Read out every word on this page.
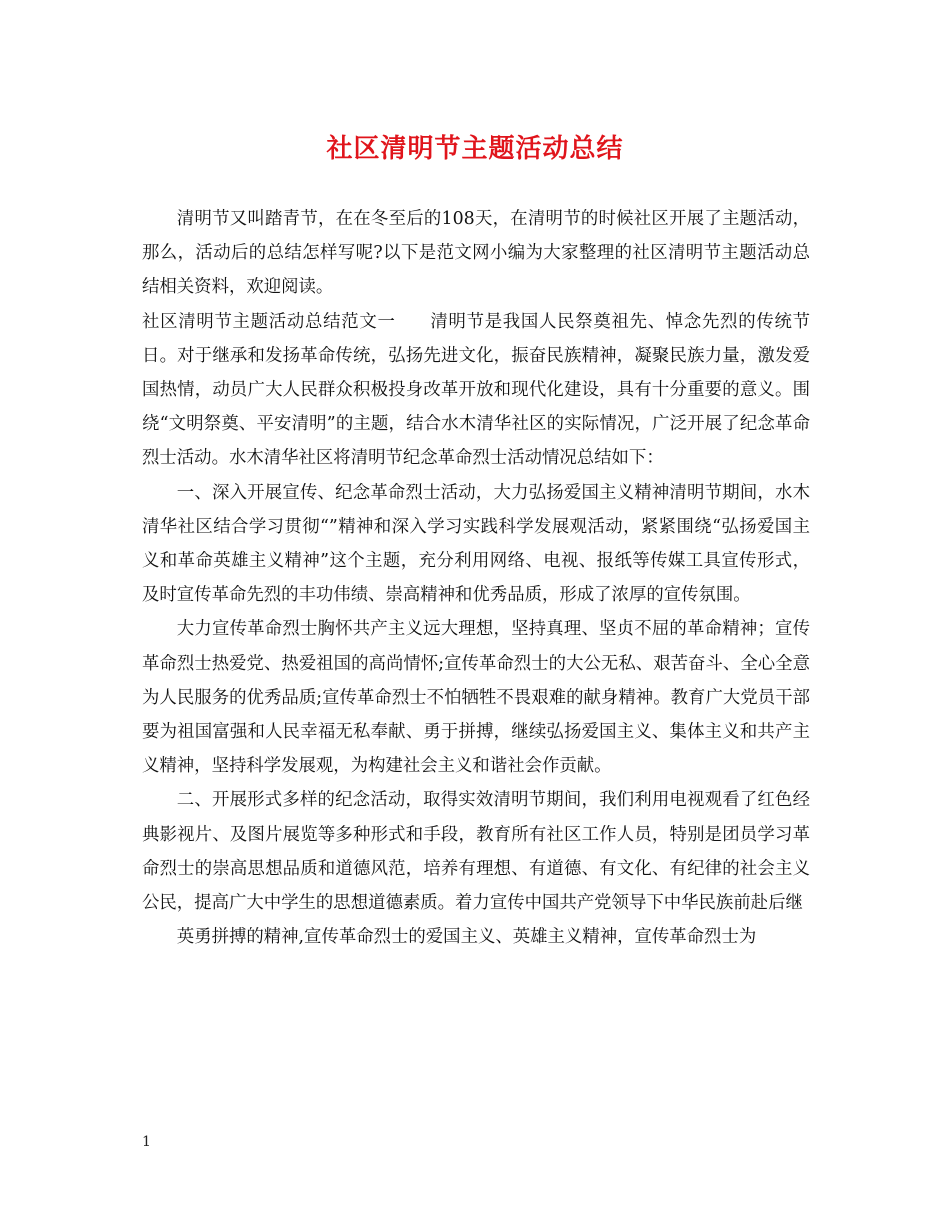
社区清明节主题活动总结

清明节又叫踏青节，在在冬至后的108天，在清明节的时候社区开展了主题活动，那么，活动后的总结怎样写呢?以下是范文网小编为大家整理的社区清明节主题活动总结相关资料，欢迎阅读。

社区清明节主题活动总结范文一 清明节是我国人民祭奠祖先、悼念先烈的传统节日。对于继承和发扬革命传统，弘扬先进文化，振奋民族精神，凝聚民族力量，激发爱国热情，动员广大人民群众积极投身改革开放和现代化建设，具有十分重要的意义。围绕“文明祭奠、平安清明”的主题，结合水木清华社区的实际情况，广泛开展了纪念革命烈士活动。水木清华社区将清明节纪念革命烈士活动情况总结如下：

一、深入开展宣传、纪念革命烈士活动，大力弘扬爱国主义精神清明节期间，水木清华社区结合学习贯彻“”精神和深入学习实践科学发展观活动，紧紧围绕“弘扬爱国主义和革命英雄主义精神”这个主题，充分利用网络、电视、报纸等传媒工具宣传形式，及时宣传革命先烈的丰功伟绩、崇高精神和优秀品质，形成了浓厚的宣传氛围。

大力宣传革命烈士胸怀共产主义远大理想，坚持真理、坚贞不屈的革命精神；宣传革命烈士热爱党、热爱祖国的高尚情怀;宣传革命烈士的大公无私、艰苦奋斗、全心全意为人民服务的优秀品质;宣传革命烈士不怕牺牲不畏艰难的献身精神。教育广大党员干部要为祖国富强和人民幸福无私奉献、勇于拼搏，继续弘扬爱国主义、集体主义和共产主义精神，坚持科学发展观，为构建社会主义和谐社会作贡献。

二、开展形式多样的纪念活动，取得实效清明节期间，我们利用电视观看了红色经典影视片、及图片展览等多种形式和手段，教育所有社区工作人员，特别是团员学习革命烈士的崇高思想品质和道德风范，培养有理想、有道德、有文化、有纪律的社会主义公民，提高广大中学生的思想道德素质。着力宣传中国共产党领导下中华民族前赴后继

英勇拼搏的精神,宣传革命烈士的爱国主义、英雄主义精神，宣传革命烈士为

1
